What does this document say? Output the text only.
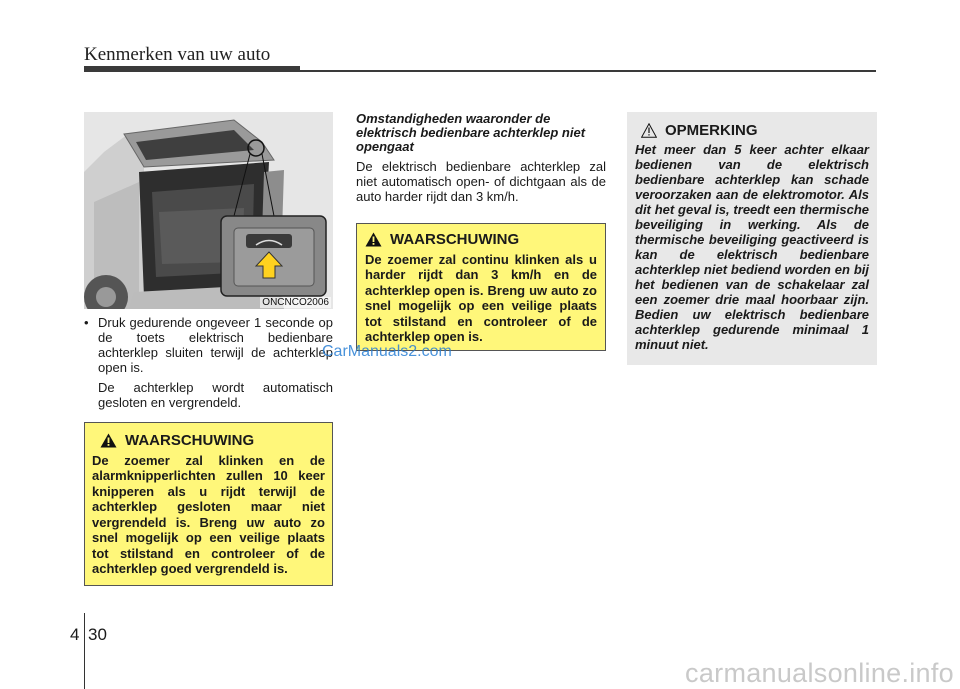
Kenmerken van uw auto
ONCNCO2006
• Druk gedurende ongeveer 1 seconde op de toets elektrisch bedienbare achterklep sluiten terwijl de achterklep open is.
De achterklep wordt automatisch gesloten en vergrendeld.
WAARSCHUWING
De zoemer zal klinken en de alarmknipperlichten zullen 10 keer knipperen als u rijdt terwijl de achterklep gesloten maar niet vergrendeld is. Breng uw auto zo snel mogelijk op een veilige plaats tot stilstand en controleer of de achterklep goed vergrendeld is.
Omstandigheden waaronder de elektrisch bedienbare achterklep niet opengaat
De elektrisch bedienbare achterklep zal niet automatisch open- of dichtgaan als de auto harder rijdt dan 3 km/h.
WAARSCHUWING
De zoemer zal continu klinken als u harder rijdt dan 3 km/h en de achterklep open is. Breng uw auto zo snel mogelijk op een veilige plaats tot stilstand en controleer of de achterklep open is.
OPMERKING
Het meer dan 5 keer achter elkaar bedienen van de elektrisch bedienbare achterklep kan schade veroorzaken aan de elektromotor. Als dit het geval is, treedt een thermische beveiliging in werking. Als de thermische beveiliging geactiveerd is kan de elektrisch bedienbare achterklep niet bediend worden en bij het bedienen van de schakelaar zal een zoemer drie maal hoorbaar zijn. Bedien uw elektrisch bedienbare achterklep gedurende minimaal 1 minuut niet.
CarManuals2.com
4 30
carmanualsonline.info
